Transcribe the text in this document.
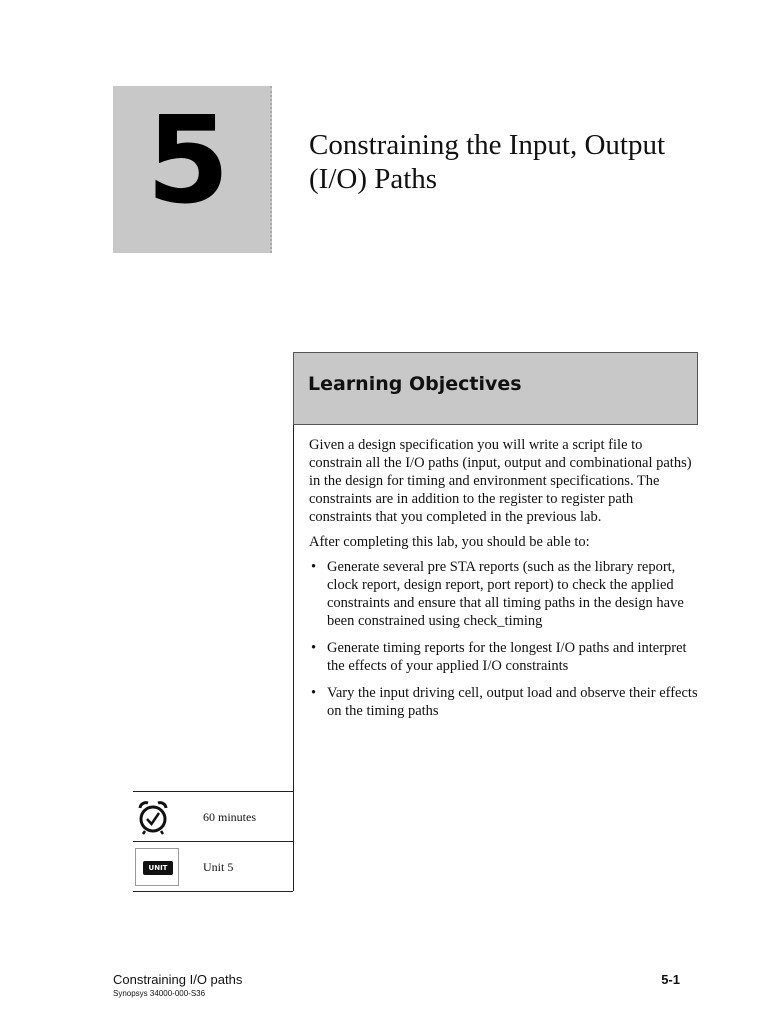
5	Constraining the Input, Output
(I/O) Paths
Learning Objectives

Given a design specification you will write a script file to constrain all the I/O paths (input, output and combinational paths) in the design for timing and environment specifications. The constraints are in addition to the register to register path constraints that you completed in the previous lab.

After completing this lab, you should be able to:

• Generate several pre STA reports (such as the library report, clock report, design report, port report) to check the applied constraints and ensure that all timing paths in the design have been constrained using check_timing
• Generate timing reports for the longest I/O paths and interpret the effects of your applied I/O constraints
• Vary the input driving cell, output load and observe their effects on the timing paths
60 minutes
UNIT	Unit 5
Constraining I/O paths
Synopsys 34000-000-S36
5-1
